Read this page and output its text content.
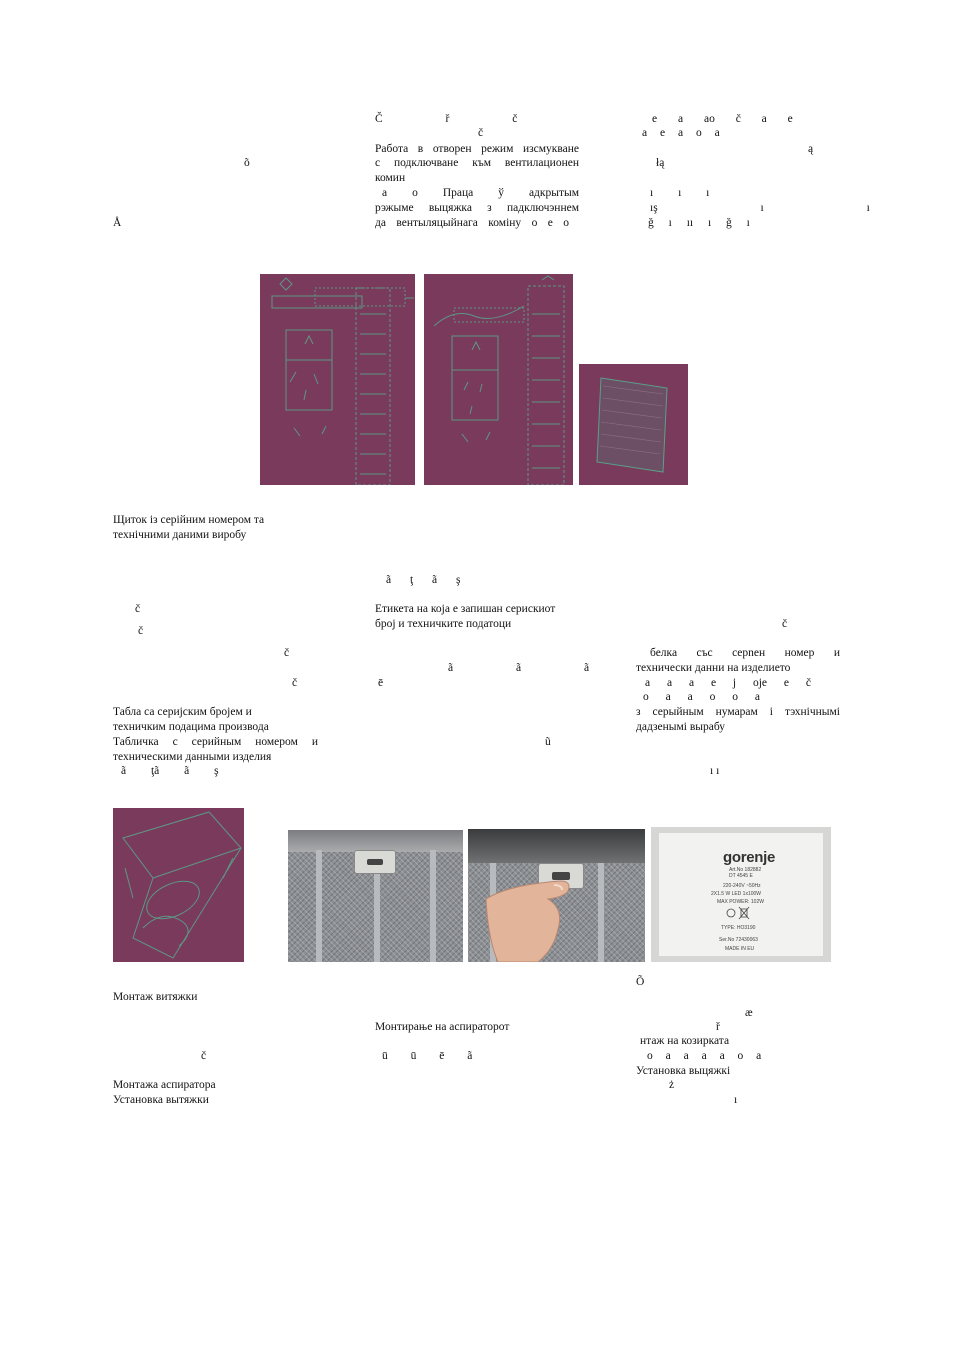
Č ř č
č
е а ао č а е
а е а о а
Работа в отворен режим изсмукване
с подключване към вентилационен
комин
ą
łą
õ
а о Праца ў адкрытым
рэжыме выцяжка з падключэннем
да вентыляцыйнага коміну о е о
ı ı ı
ış ı ı
ğ ı ıı ı ğ ı
Å
Щиток із серійним номером та
технічними даними виробу
ã ţ ã ş
č	Етикета на која е запишан серискиот
број и техничките податоци	č
č
č	белка със серnен номер и
ã ã ã	технически данни на изделието
č	ē	а а а е j oje е č
о а а о о а
Табла са серијским бројем и	з серыйным нумарам і тэхнічнымі
техничким подацима производа	дадзенымі вырабу
Табличка с серийным номером и	ũ
техническими данными изделия
ã ţã ã ş	ı ı
gorenje
Art.No 182882
DT 4545 E
220-240V ~50Hz
2X1.5 W LED 1x100W
MAX POWER: 102W
TYPE: HO3190
Ser.No 72430063
MADE IN EU
Õ
Монтаж витяжки
æ
Монтирање на аспираторот	ř
нтаж на козирката
č	ū ū ē ã	о а а а а о а
Установка выцяжкі
Монтажа аспиратора	ż
Установка вытяжки	ı
